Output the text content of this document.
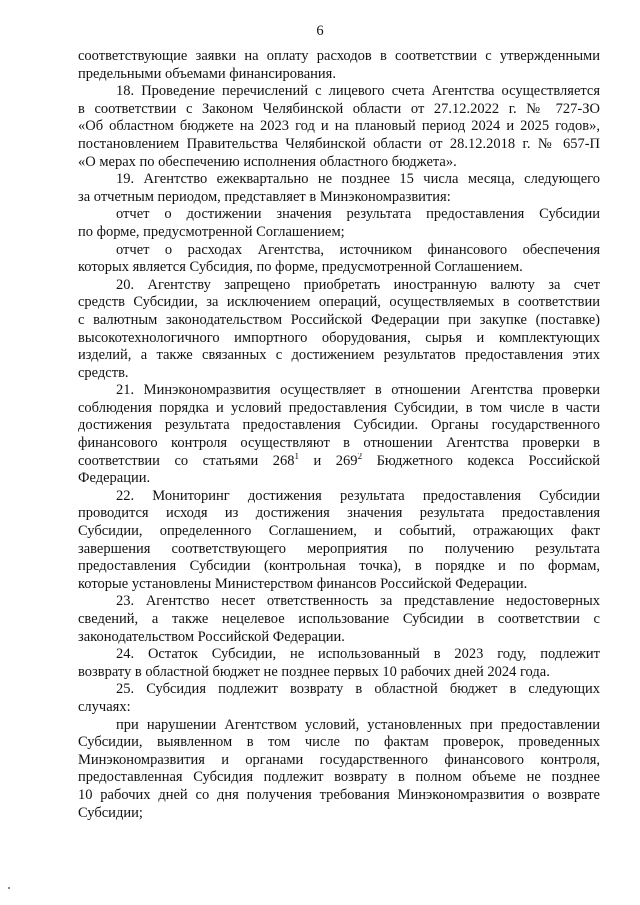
6
соответствующие заявки на оплату расходов в соответствии с утвержденными
предельными объемами финансирования.
18. Проведение перечислений с лицевого счета Агентства осуществляется
в соответствии с Законом Челябинской области от 27.12.2022 г. № 727-ЗО
«Об областном бюджете на 2023 год и на плановый период 2024 и 2025 годов»,
постановлением Правительства Челябинской области от 28.12.2018 г. № 657-П
«О мерах по обеспечению исполнения областного бюджета».
19. Агентство ежеквартально не позднее 15 числа месяца, следующего
за отчетным периодом, представляет в Минэкономразвития:
отчет о достижении значения результата предоставления Субсидии
по форме, предусмотренной Соглашением;
отчет о расходах Агентства, источником финансового обеспечения
которых является Субсидия, по форме, предусмотренной Соглашением.
20. Агентству запрещено приобретать иностранную валюту за счет
средств Субсидии, за исключением операций, осуществляемых в соответствии
с валютным законодательством Российской Федерации при закупке (поставке)
высокотехнологичного импортного оборудования, сырья и комплектующих
изделий, а также связанных с достижением результатов предоставления этих
средств.
21. Минэкономразвития осуществляет в отношении Агентства проверки
соблюдения порядка и условий предоставления Субсидии, в том числе в части
достижения результата предоставления Субсидии. Органы государственного
финансового контроля осуществляют в отношении Агентства проверки в
соответствии со статьями $268^1$ и $269^2$ Бюджетного кодекса Российской
Федерации.
22. Мониторинг достижения результата предоставления Субсидии
проводится исходя из достижения значения результата предоставления
Субсидии, определенного Соглашением, и событий, отражающих факт
завершения соответствующего мероприятия по получению результата
предоставления Субсидии (контрольная точка), в порядке и по формам,
которые установлены Министерством финансов Российской Федерации.
23. Агентство несет ответственность за представление недостоверных
сведений, а также нецелевое использование Субсидии в соответствии с
законодательством Российской Федерации.
24. Остаток Субсидии, не использованный в 2023 году, подлежит
возврату в областной бюджет не позднее первых 10 рабочих дней 2024 года.
25. Субсидия подлежит возврату в областной бюджет в следующих
случаях:
при нарушении Агентством условий, установленных при предоставлении
Субсидии, выявленном в том числе по фактам проверок, проведенных
Минэкономразвития и органами государственного финансового контроля,
предоставленная Субсидия подлежит возврату в полном объеме не позднее
10 рабочих дней со дня получения требования Минэкономразвития о возврате
Субсидии;
